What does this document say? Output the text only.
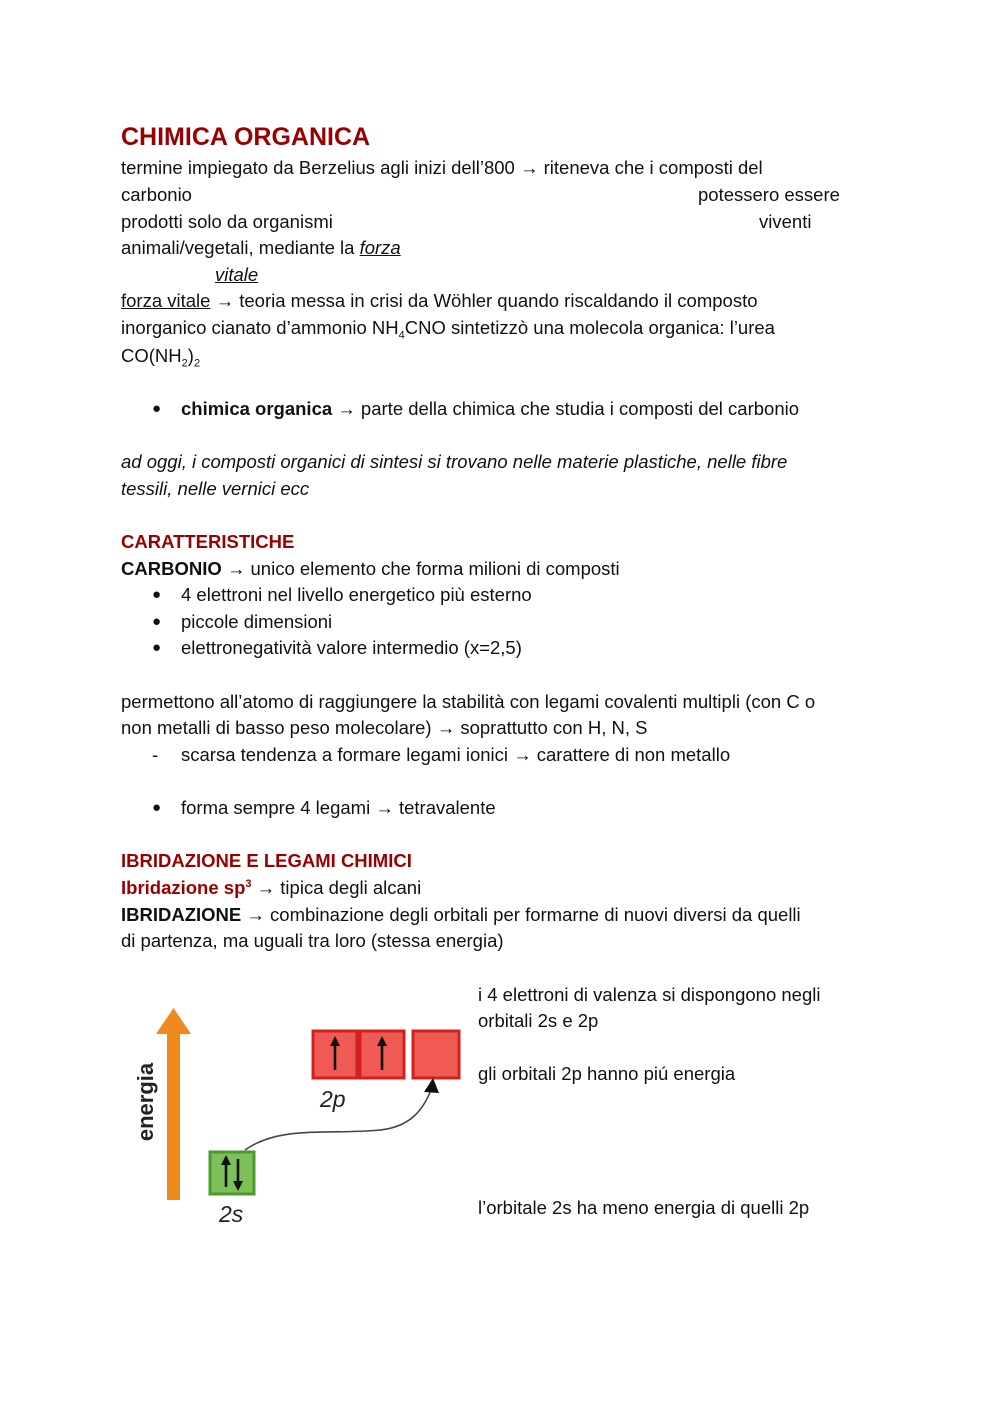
CHIMICA ORGANICA
termine impiegato da Berzelius agli inizi dell’800 → riteneva che i composti del
carbonio	potessero essere
prodotti solo da organismi	viventi
animali/vegetali, mediante la forza
vitale
forza vitale → teoria messa in crisi da Wöhler quando riscaldando il composto
inorganico cianato d’ammonio $NH_4CNO$ sintetizzò una molecola organica: l’urea
$CO(NH_2)_2$
● chimica organica → parte della chimica che studia i composti del carbonio
ad oggi, i composti organici di sintesi si trovano nelle materie plastiche, nelle fibre
tessili, nelle vernici ecc
CARATTERISTICHE
CARBONIO → unico elemento che forma milioni di composti
● 4 elettroni nel livello energetico più esterno
● piccole dimensioni
● elettronegatività valore intermedio (x=2,5)
permettono all’atomo di raggiungere la stabilità con legami covalenti multipli (con C o
non metalli di basso peso molecolare) → soprattutto con H, N, S
- scarsa tendenza a formare legami ionici → carattere di non metallo
● forma sempre 4 legami → tetravalente
IBRIDAZIONE E LEGAMI CHIMICI
Ibridazione $sp^3$ → tipica degli alcani
IBRIDAZIONE → combinazione degli orbitali per formarne di nuovi diversi da quelli
di partenza, ma uguali tra loro (stessa energia)
energia	2p
2s
i 4 elettroni di valenza si dispongono negli
orbitali 2s e 2p
gli orbitali 2p hanno piú energia
l’orbitale 2s ha meno energia di quelli 2p
